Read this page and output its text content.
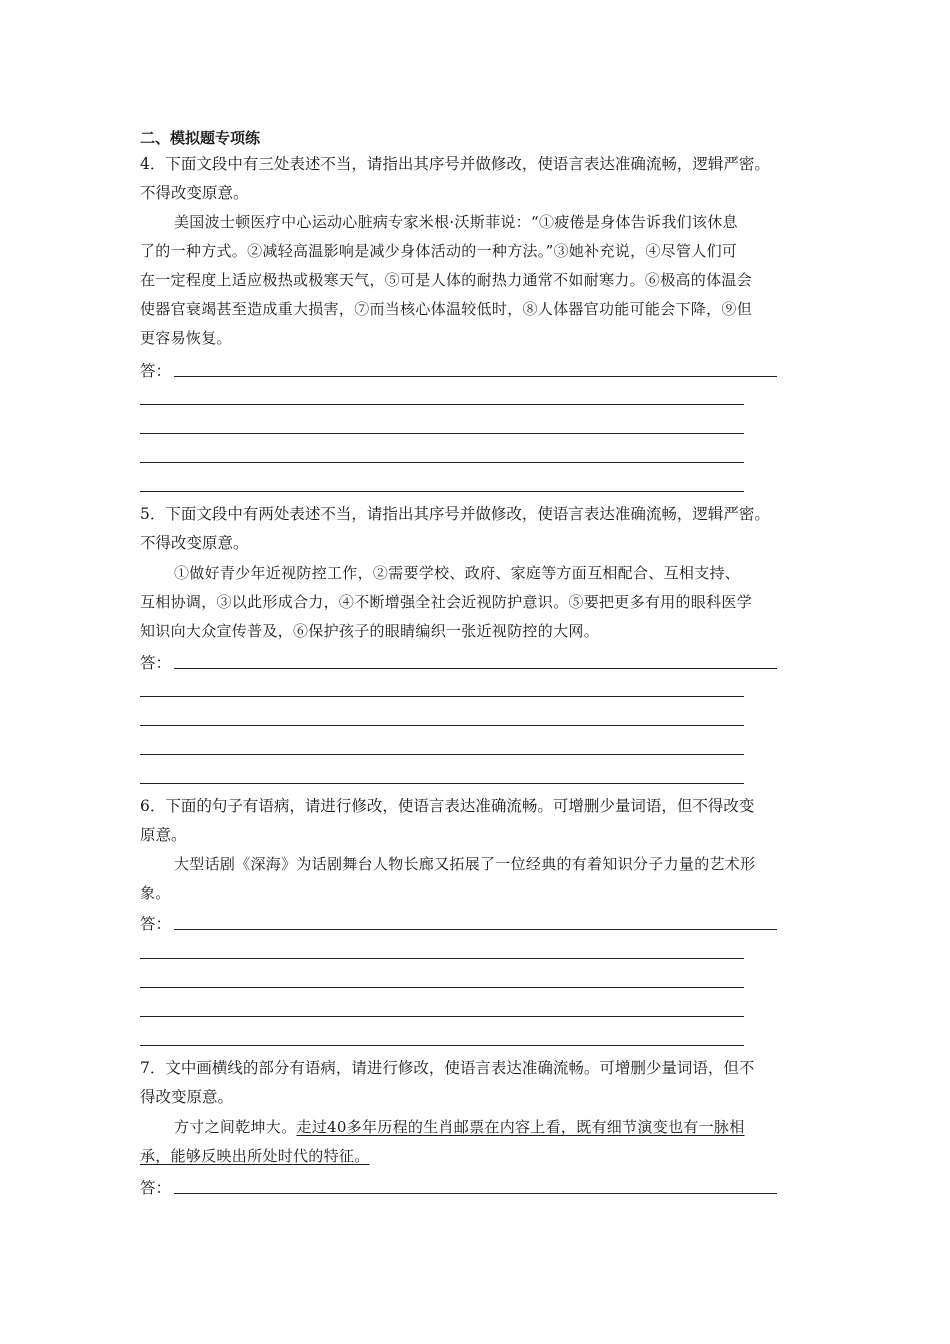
二、模拟题专项练
4．下面文段中有三处表述不当，请指出其序号并做修改，使语言表达准确流畅，逻辑严密。
不得改变原意。
美国波士顿医疗中心运动心脏病专家米根·沃斯菲说：“①疲倦是身体告诉我们该休息
了的一种方式。②减轻高温影响是减少身体活动的一种方法。”③她补充说，④尽管人们可
在一定程度上适应极热或极寒天气，⑤可是人体的耐热力通常不如耐寒力。⑥极高的体温会
使器官衰竭甚至造成重大损害，⑦而当核心体温较低时，⑧人体器官功能可能会下降，⑨但
更容易恢复。
答：
5．下面文段中有两处表述不当，请指出其序号并做修改，使语言表达准确流畅，逻辑严密。
不得改变原意。
①做好青少年近视防控工作，②需要学校、政府、家庭等方面互相配合、互相支持、
互相协调，③以此形成合力，④不断增强全社会近视防护意识。⑤要把更多有用的眼科医学
知识向大众宣传普及，⑥保护孩子的眼睛编织一张近视防控的大网。
答：
6．下面的句子有语病，请进行修改，使语言表达准确流畅。可增删少量词语，但不得改变
原意。
大型话剧《深海》为话剧舞台人物长廊又拓展了一位经典的有着知识分子力量的艺术形
象。
答：
7．文中画横线的部分有语病，请进行修改，使语言表达准确流畅。可增删少量词语，但不
得改变原意。
方寸之间乾坤大。走过40多年历程的生肖邮票在内容上看，既有细节演变也有一脉相
承，能够反映出所处时代的特征。
答：
